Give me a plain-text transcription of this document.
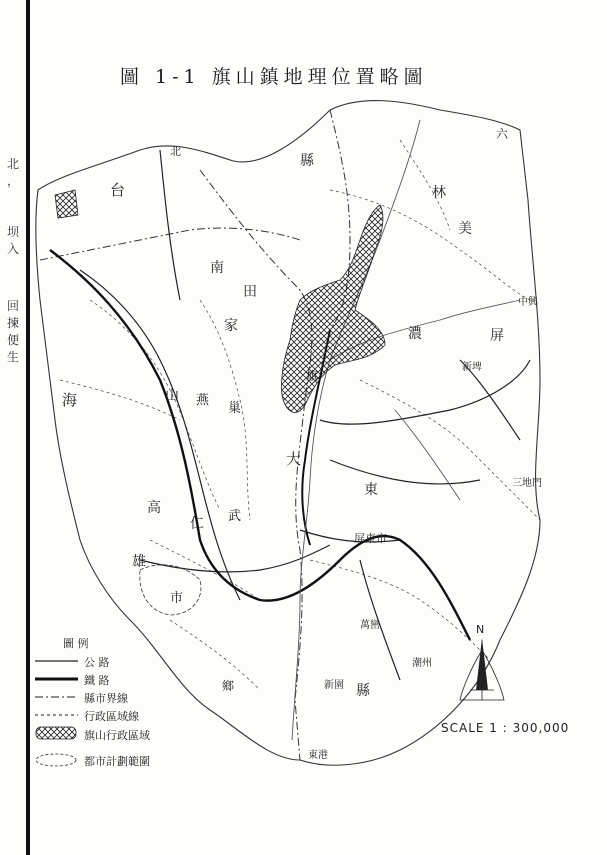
北
，
坝
入
回
揀
便
生
圖 1-1 旗山鎮地理位置略圖
台
南
田
家
縣
林
美
濃	屏
海	山 燕
巢
大
東
高
仁 武
雄
市
鄉
屏東市
六
三地門
新園
潮州
萬巒
東港
新埤
中興
旗
縣
北
N
圖 例
公 路
鐵 路
縣市界線
行政區域線
旗山行政區域
都市計劃範圍
SCALE 1 : 300,000
